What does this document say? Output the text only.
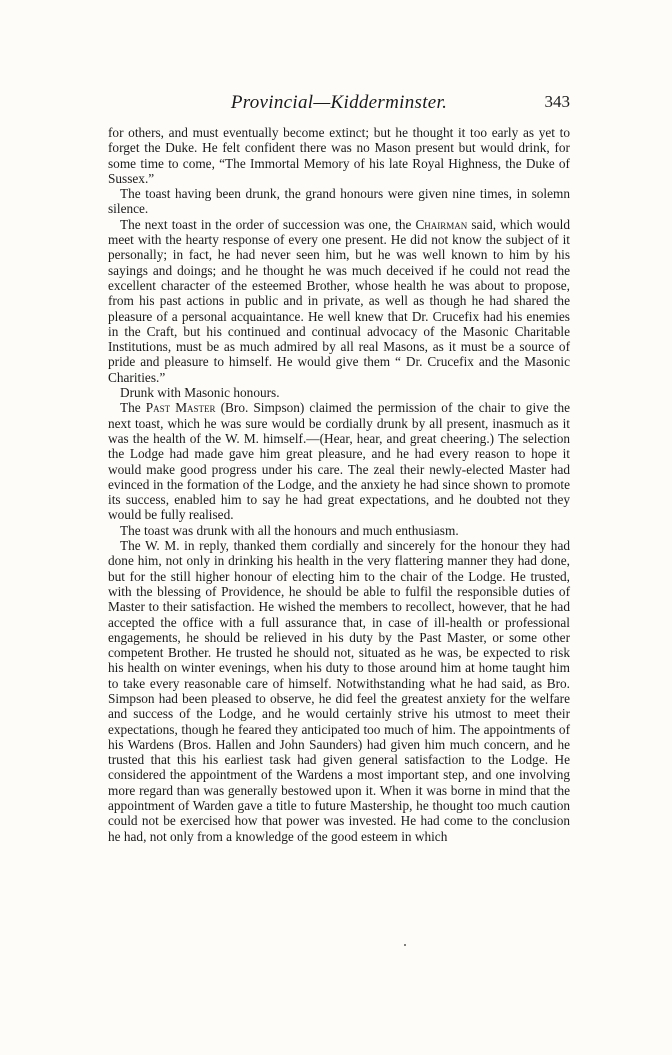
Provincial—Kidderminster.	343

for others, and must eventually become extinct; but he thought it too early as yet to forget the Duke. He felt confident there was no Mason present but would drink, for some time to come, “The Immortal Memory of his late Royal Highness, the Duke of Sussex.”

The toast having been drunk, the grand honours were given nine times, in solemn silence.

The next toast in the order of succession was one, the Chairman said, which would meet with the hearty response of every one present. He did not know the subject of it personally; in fact, he had never seen him, but he was well known to him by his sayings and doings; and he thought he was much deceived if he could not read the excellent character of the esteemed Brother, whose health he was about to propose, from his past actions in public and in private, as well as though he had shared the pleasure of a personal acquaintance. He well knew that Dr. Crucefix had his enemies in the Craft, but his continued and continual advocacy of the Masonic Charitable Institutions, must be as much admired by all real Masons, as it must be a source of pride and pleasure to himself. He would give them “ Dr. Crucefix and the Masonic Charities.”

Drunk with Masonic honours.

The Past Master (Bro. Simpson) claimed the permission of the chair to give the next toast, which he was sure would be cordially drunk by all present, inasmuch as it was the health of the W. M. himself.—(Hear, hear, and great cheering.) The selection the Lodge had made gave him great pleasure, and he had every reason to hope it would make good progress under his care. The zeal their newly-elected Master had evinced in the formation of the Lodge, and the anxiety he had since shown to promote its success, enabled him to say he had great expectations, and he doubted not they would be fully realised.

The toast was drunk with all the honours and much enthusiasm.

The W. M. in reply, thanked them cordially and sincerely for the honour they had done him, not only in drinking his health in the very flattering manner they had done, but for the still higher honour of electing him to the chair of the Lodge. He trusted, with the blessing of Providence, he should be able to fulfil the responsible duties of Master to their satisfaction. He wished the members to recollect, however, that he had accepted the office with a full assurance that, in case of ill-health or professional engagements, he should be relieved in his duty by the Past Master, or some other competent Brother. He trusted he should not, situated as he was, be expected to risk his health on winter evenings, when his duty to those around him at home taught him to take every reasonable care of himself. Notwithstanding what he had said, as Bro. Simpson had been pleased to observe, he did feel the greatest anxiety for the welfare and success of the Lodge, and he would certainly strive his utmost to meet their expectations, though he feared they anticipated too much of him. The appointments of his Wardens (Bros. Hallen and John Saunders) had given him much concern, and he trusted that this his earliest task had given general satisfaction to the Lodge. He considered the appointment of the Wardens a most important step, and one involving more regard than was generally bestowed upon it. When it was borne in mind that the appointment of Warden gave a title to future Mastership, he thought too much caution could not be exercised how that power was invested. He had come to the conclusion he had, not only from a knowledge of the good esteem in which
